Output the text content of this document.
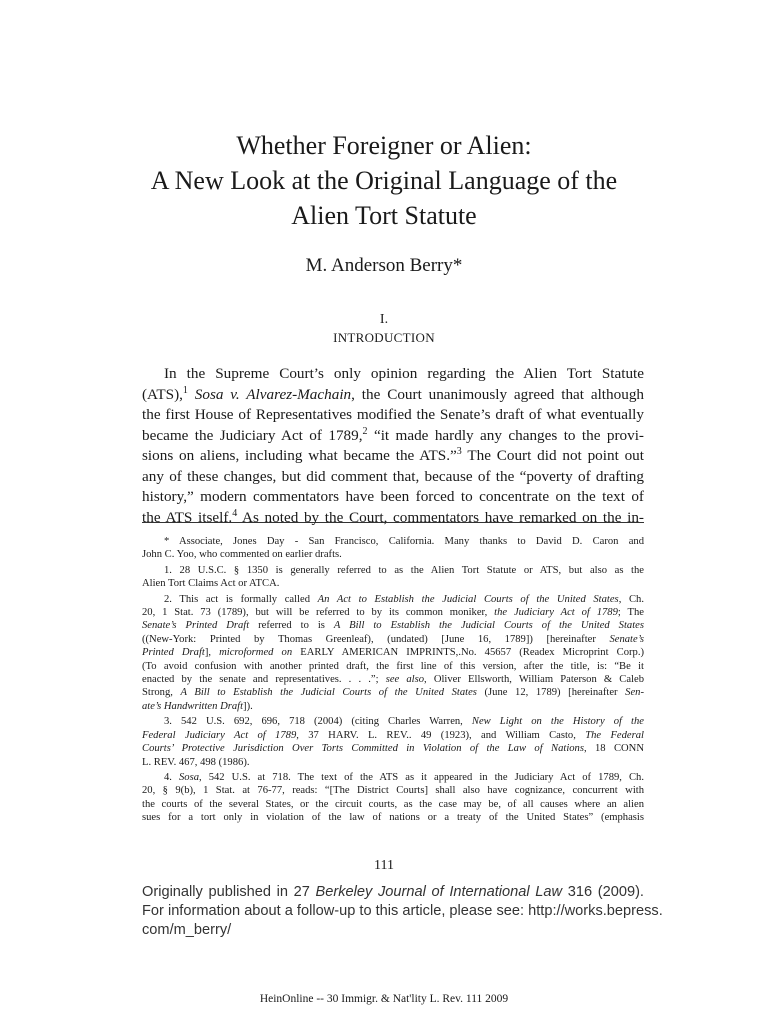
Whether Foreigner or Alien:
A New Look at the Original Language of the
Alien Tort Statute
M. Anderson Berry*
I.
INTRODUCTION
In the Supreme Court’s only opinion regarding the Alien Tort Statute
(ATS),$^1$ Sosa v. Alvarez-Machain, the Court unanimously agreed that although
the first House of Representatives modified the Senate’s draft of what eventually
became the Judiciary Act of 1789,$^2$ “it made hardly any changes to the provi-
sions on aliens, including what became the ATS.”$^3$ The Court did not point out
any of these changes, but did comment that, because of the “poverty of drafting
history,” modern commentators have been forced to concentrate on the text of
the ATS itself.$^4$ As noted by the Court, commentators have remarked on the in-
* Associate, Jones Day - San Francisco, California. Many thanks to David D. Caron and
John C. Yoo, who commented on earlier drafts.
1. 28 U.S.C. § 1350 is generally referred to as the Alien Tort Statute or ATS, but also as the
Alien Tort Claims Act or ATCA.
2. This act is formally called An Act to Establish the Judicial Courts of the United States, Ch.
20, 1 Stat. 73 (1789), but will be referred to by its common moniker, the Judiciary Act of 1789; The
Senate’s Printed Draft referred to is A Bill to Establish the Judicial Courts of the United States
((New-York: Printed by Thomas Greenleaf), (undated) [June 16, 1789]) [hereinafter Senate’s
Printed Draft], microformed on EARLY AMERICAN IMPRINTS,.No. 45657 (Readex Microprint Corp.)
(To avoid confusion with another printed draft, the first line of this version, after the title, is: “Be it
enacted by the senate and representatives. . . .”; see also, Oliver Ellsworth, William Paterson & Caleb
Strong, A Bill to Establish the Judicial Courts of the United States (June 12, 1789) [hereinafter Sen-
ate’s Handwritten Draft]).
3. 542 U.S. 692, 696, 718 (2004) (citing Charles Warren, New Light on the History of the
Federal Judiciary Act of 1789, 37 HARV. L. REV.. 49 (1923), and William Casto, The Federal
Courts’ Protective Jurisdiction Over Torts Committed in Violation of the Law of Nations, 18 CONN
L. REV. 467, 498 (1986).
4. Sosa, 542 U.S. at 718. The text of the ATS as it appeared in the Judiciary Act of 1789, Ch.
20, § 9(b), 1 Stat. at 76-77, reads: “[The District Courts] shall also have cognizance, concurrent with
the courts of the several States, or the circuit courts, as the case may be, of all causes where an alien
sues for a tort only in violation of the law of nations or a treaty of the United States” (emphasis
111
Originally published in 27 Berkeley Journal of International Law 316 (2009).
For information about a follow-up to this article, please see: http://works.bepress.
com/m_berry/
HeinOnline -- 30 Immigr. & Nat'lity L. Rev. 111 2009
